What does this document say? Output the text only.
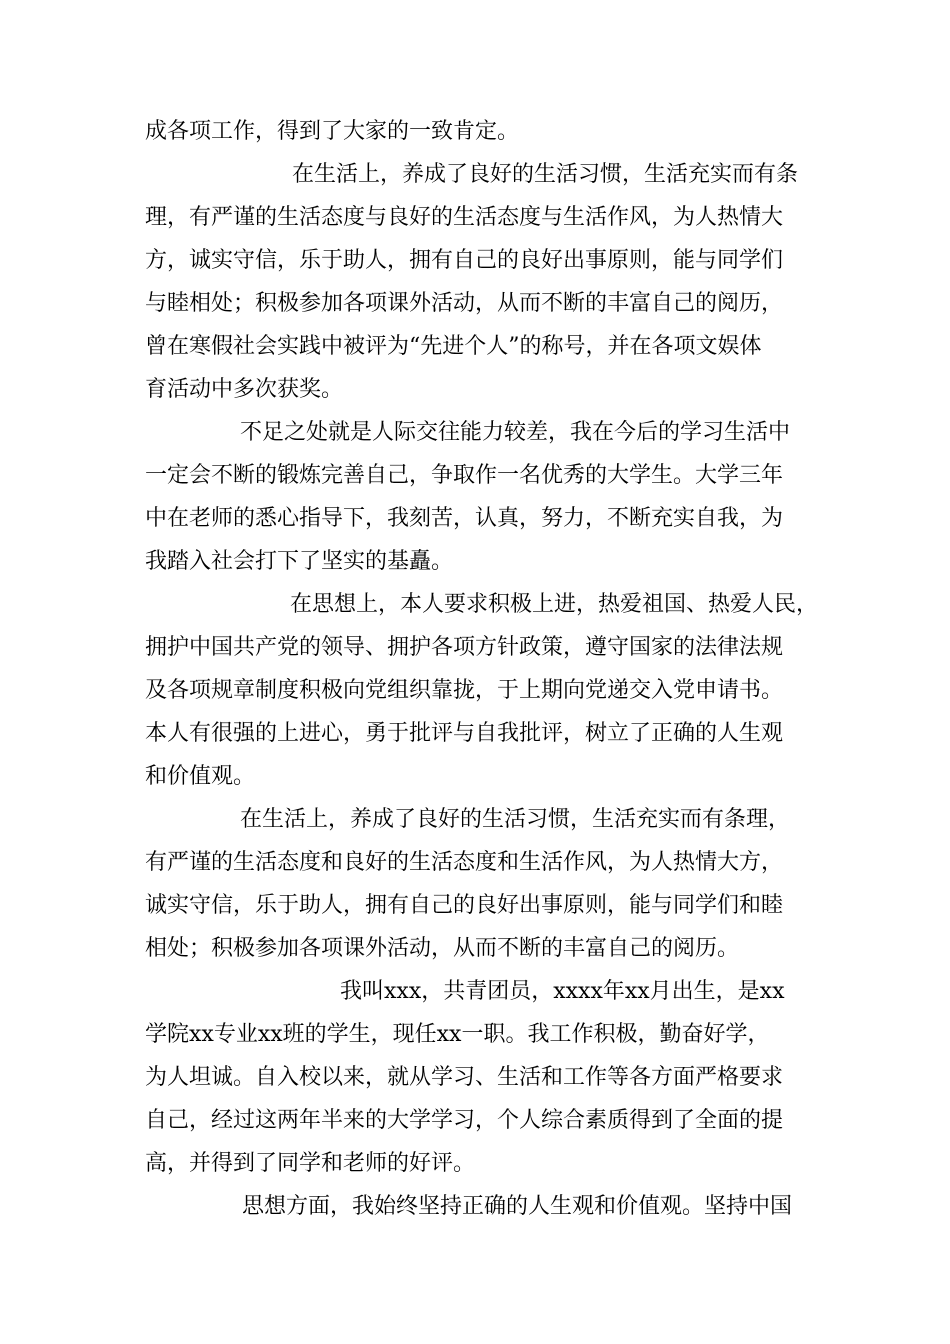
成各项工作，得到了大家的一致肯定。
在生活上，养成了良好的生活习惯，生活充实而有条
理，有严谨的生活态度与良好的生活态度与生活作风，为人热情大
方，诚实守信，乐于助人，拥有自己的良好出事原则，能与同学们
与睦相处；积极参加各项课外活动，从而不断的丰富自己的阅历，
曾在寒假社会实践中被评为“先进个人”的称号，并在各项文娱体
育活动中多次获奖。
不足之处就是人际交往能力较差，我在今后的学习生活中
一定会不断的锻炼完善自己，争取作一名优秀的大学生。大学三年
中在老师的悉心指导下，我刻苦，认真，努力，不断充实自我，为
我踏入社会打下了坚实的基矗。
在思想上，本人要求积极上进，热爱祖国、热爱人民，
拥护中国共产党的领导、拥护各项方针政策，遵守国家的法律法规
及各项规章制度积极向党组织靠拢，于上期向党递交入党申请书。
本人有很强的上进心，勇于批评与自我批评，树立了正确的人生观
和价值观。
在生活上，养成了良好的生活习惯，生活充实而有条理，
有严谨的生活态度和良好的生活态度和生活作风，为人热情大方，
诚实守信，乐于助人，拥有自己的良好出事原则，能与同学们和睦
相处；积极参加各项课外活动，从而不断的丰富自己的阅历。
我叫xxx，共青团员，xxxx年xx月出生，是xx
学院xx专业xx班的学生，现任xx一职。我工作积极，勤奋好学，
为人坦诚。自入校以来，就从学习、生活和工作等各方面严格要求
自己，经过这两年半来的大学学习，个人综合素质得到了全面的提
高，并得到了同学和老师的好评。
思想方面，我始终坚持正确的人生观和价值观。坚持中国
